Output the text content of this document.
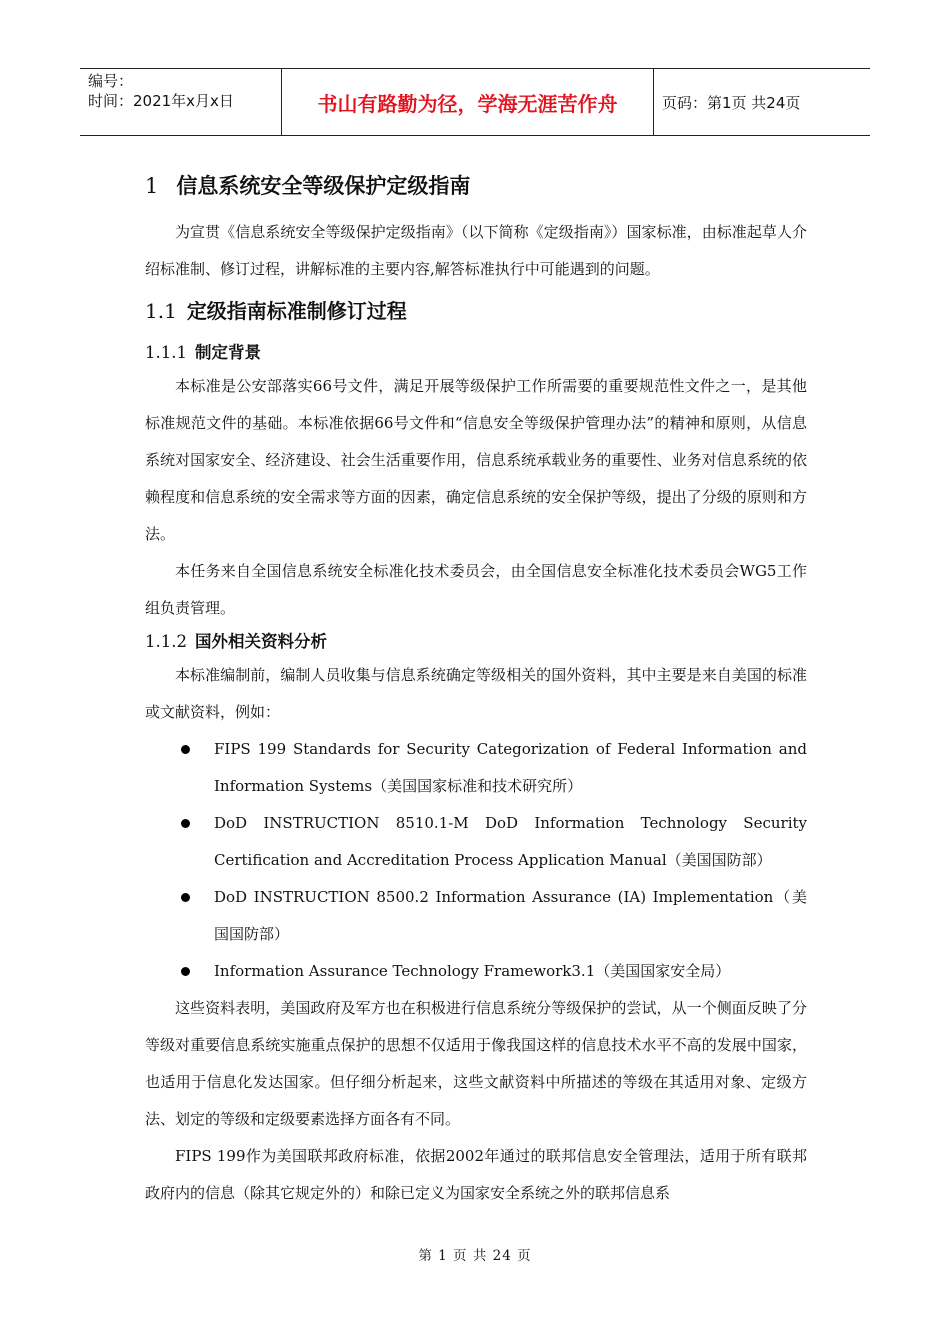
编号：
时间：2021年x月x日	书山有路勤为径，学海无涯苦作舟	页码：第1页 共24页
1 信息系统安全等级保护定级指南

为宣贯《信息系统安全等级保护定级指南》（以下简称《定级指南》）国家标准，由标准起草人介绍标准制、修订过程，讲解标准的主要内容,解答标准执行中可能遇到的问题。

1.1 定级指南标准制修订过程
1.1.1 制定背景

本标准是公安部落实66号文件，满足开展等级保护工作所需要的重要规范性文件之一，是其他标准规范文件的基础。本标准依据66号文件和“信息安全等级保护管理办法”的精神和原则，从信息系统对国家安全、经济建设、社会生活重要作用，信息系统承载业务的重要性、业务对信息系统的依赖程度和信息系统的安全需求等方面的因素，确定信息系统的安全保护等级，提出了分级的原则和方法。

本任务来自全国信息系统安全标准化技术委员会，由全国信息安全标准化技术委员会WG5工作组负责管理。

1.1.2 国外相关资料分析

本标准编制前，编制人员收集与信息系统确定等级相关的国外资料，其中主要是来自美国的标准或文献资料，例如：

FIPS 199 Standards for Security Categorization of Federal Information and Information Systems（美国国家标准和技术研究所）
DoD INSTRUCTION 8510.1-M DoD Information Technology Security Certification and Accreditation Process Application Manual（美国国防部）
DoD INSTRUCTION 8500.2 Information Assurance (IA) Implementation（美国国防部）
Information Assurance Technology Framework3.1（美国国家安全局）

这些资料表明，美国政府及军方也在积极进行信息系统分等级保护的尝试，从一个侧面反映了分等级对重要信息系统实施重点保护的思想不仅适用于像我国这样的信息技术水平不高的发展中国家，也适用于信息化发达国家。但仔细分析起来，这些文献资料中所描述的等级在其适用对象、定级方法、划定的等级和定级要素选择方面各有不同。

FIPS 199作为美国联邦政府标准，依据2002年通过的联邦信息安全管理法，适用于所有联邦政府内的信息（除其它规定外的）和除已定义为国家安全系统之外的联邦信息系

第 1 页 共 24 页
